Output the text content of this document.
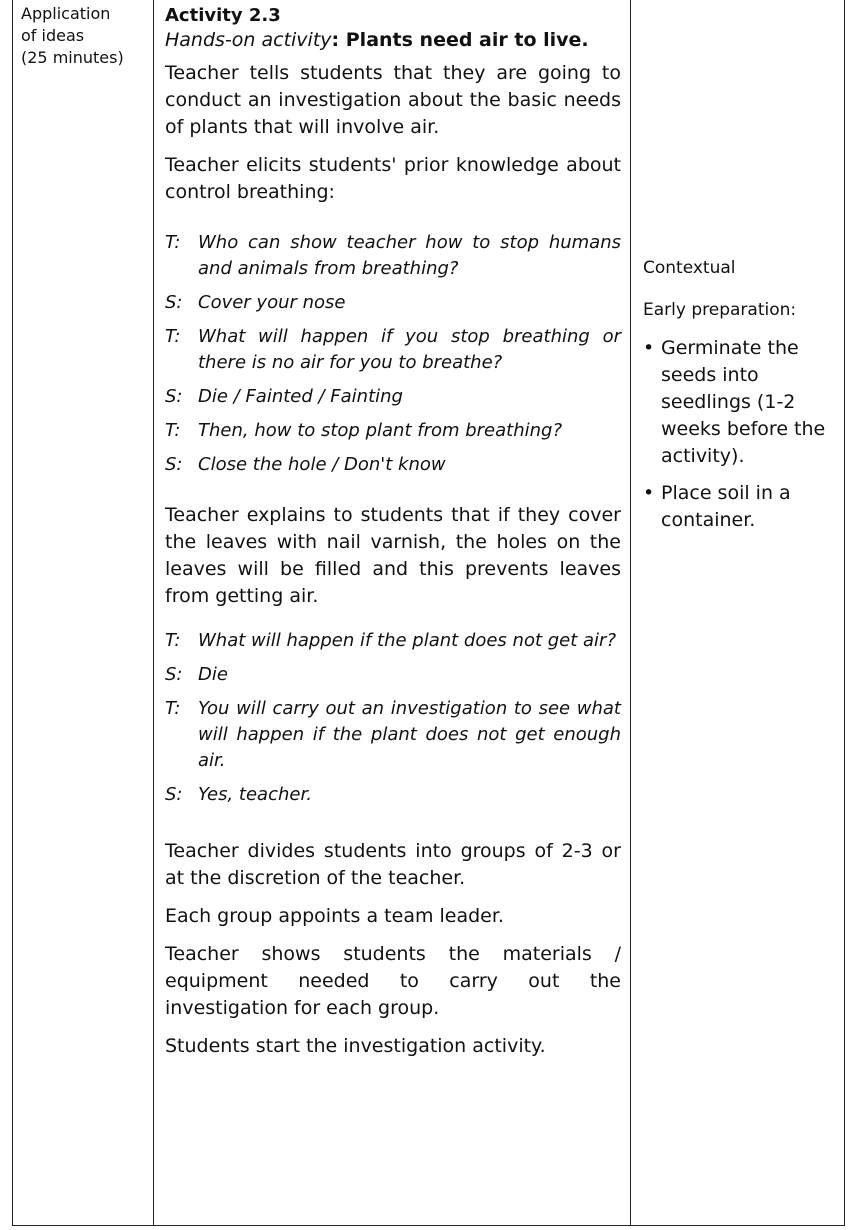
Application

of ideas

(25 minutes)

Activity 2.3

Hands-on activity: Plants need air to live.

Teacher tells students that they are going to conduct an investigation about the basic needs of plants that will involve air.

Teacher elicits students' prior knowledge about control breathing:

T: Who can show teacher how to stop humans and animals from breathing?
S: Cover your nose
T: What will happen if you stop breathing or there is no air for you to breathe?
S: Die / Fainted / Fainting
T: Then, how to stop plant from breathing?
S: Close the hole / Don't know

Teacher explains to students that if they cover the leaves with nail varnish, the holes on the leaves will be filled and this prevents leaves from getting air.

T: What will happen if the plant does not get air?
S: Die
T: You will carry out an investigation to see what will happen if the plant does not get enough air.
S: Yes, teacher.

Teacher divides students into groups of 2-3 or at the discretion of the teacher.

Each group appoints a team leader.

Teacher shows students the materials / equipment needed to carry out the investigation for each group.

Students start the investigation activity.

Contextual

Early preparation:

• Germinate the seeds into seedlings (1-2 weeks before the activity).
• Place soil in a container.
